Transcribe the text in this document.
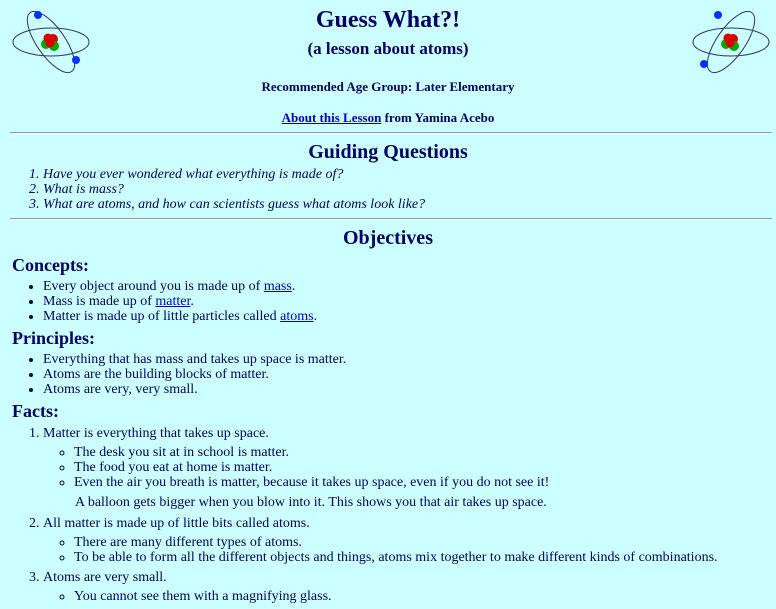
Guess What?!
(a lesson about atoms)
Recommended Age Group: Later Elementary
About this Lesson from Yamina Acebo
Guiding Questions
1. Have you ever wondered what everything is made of?
2. What is mass?
3. What are atoms, and how can scientists guess what atoms look like?
Objectives
Concepts:
• Every object around you is made up of mass.
• Mass is made up of matter.
• Matter is made up of little particles called atoms.
Principles:
• Everything that has mass and takes up space is matter.
• Atoms are the building blocks of matter.
• Atoms are very, very small.
Facts:
1. Matter is everything that takes up space.
◦ The desk you sit at in school is matter.
◦ The food you eat at home is matter.
◦ Even the air you breath is matter, because it takes up space, even if you do not see it!
A balloon gets bigger when you blow into it. This shows you that air takes up space.
2. All matter is made up of little bits called atoms.
◦ There are many different types of atoms.
◦ To be able to form all the different objects and things, atoms mix together to make different kinds of combinations.
3. Atoms are very small.
◦ You cannot see them with a magnifying glass.
